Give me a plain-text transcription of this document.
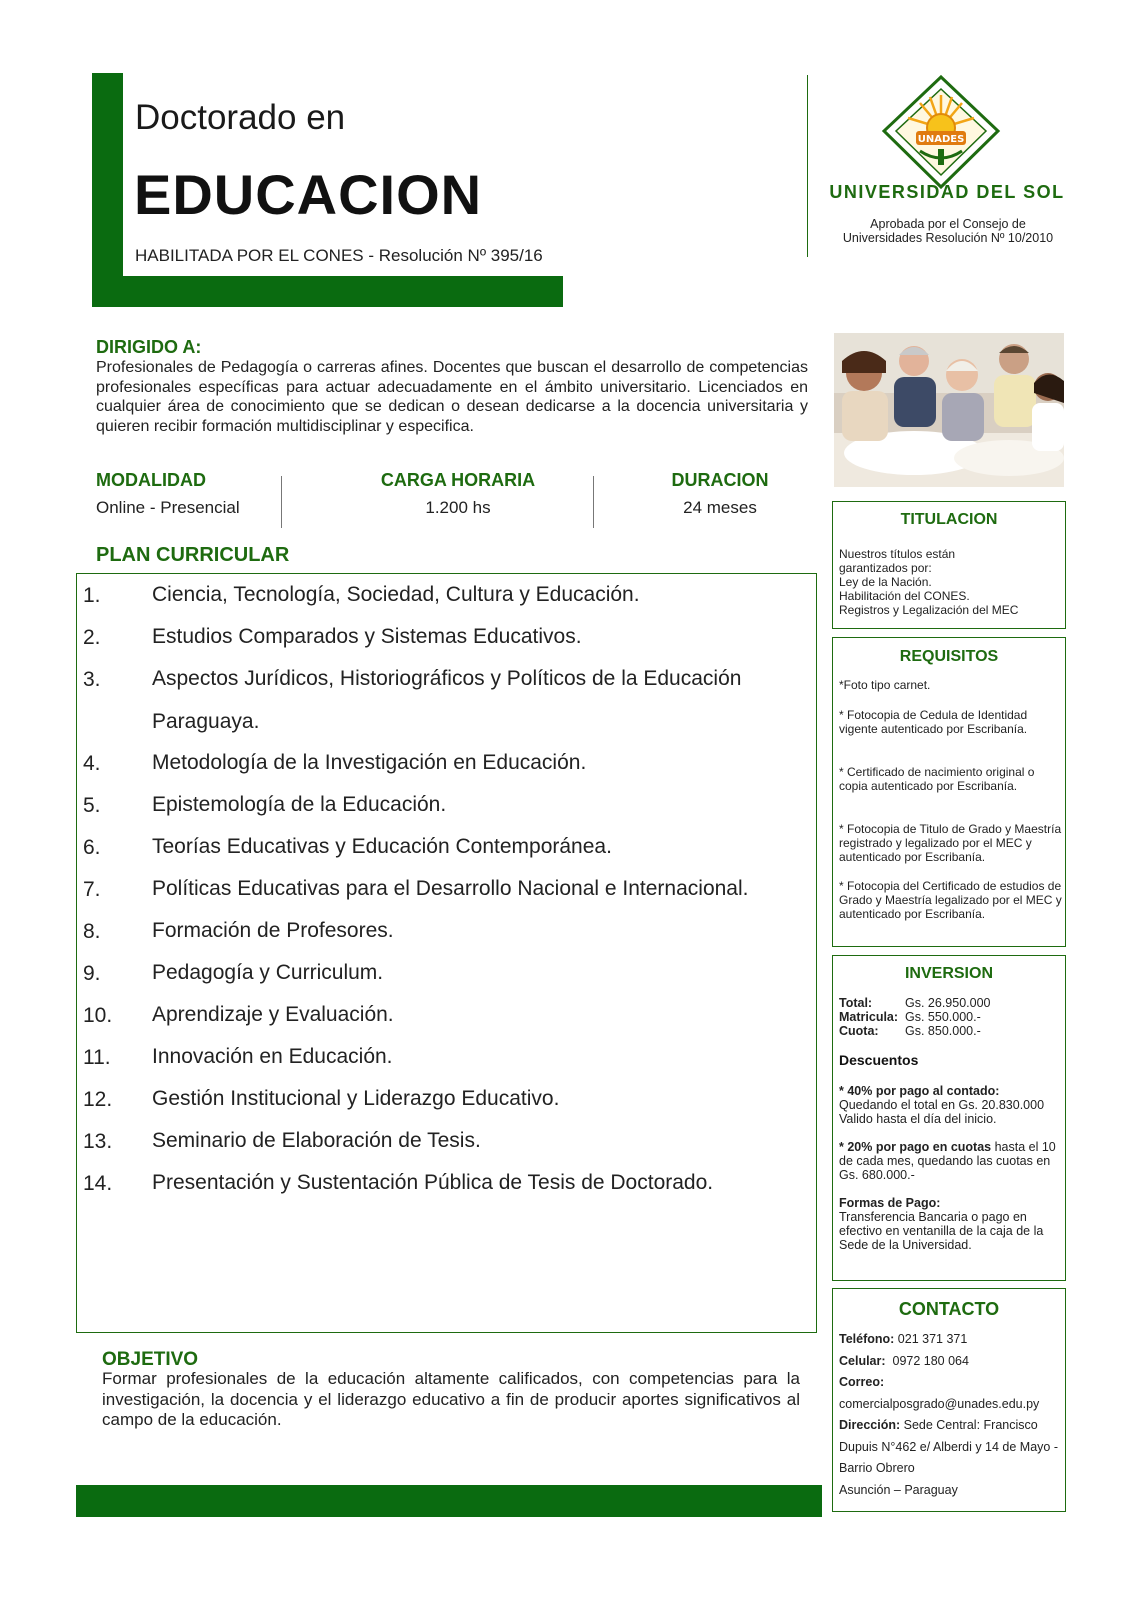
Doctorado en
EDUCACION
HABILITADA POR EL CONES - Resolución Nº 395/16
UNADES
UNIVERSIDAD DEL SOL
Aprobada por el Consejo de
Universidades Resolución Nº 10/2010
DIRIGIDO A:
Profesionales de Pedagogía o carreras afines. Docentes que buscan el desarrollo de competencias profesionales específicas para actuar adecuadamente en el ámbito universitario. Licenciados en cualquier área de conocimiento que se dedican o desean dedicarse a la docencia universitaria y quieren recibir formación multidisciplinar y especifica.
MODALIDAD
Online - Presencial
CARGA HORARIA
1.200 hs
DURACION
24 meses
PLAN CURRICULAR
1.	Ciencia, Tecnología, Sociedad, Cultura y Educación.
2.	Estudios Comparados y Sistemas Educativos.
3.	Aspectos Jurídicos, Historiográficos y Políticos de la Educación Paraguaya.
4.	Metodología de la Investigación en Educación.
5.	Epistemología de la Educación.
6.	Teorías Educativas y Educación Contemporánea.
7.	Políticas Educativas para el Desarrollo Nacional e Internacional.
8.	Formación de Profesores.
9.	Pedagogía y Curriculum.
10.	Aprendizaje y Evaluación.
11.	Innovación en Educación.
12.	Gestión Institucional y Liderazgo Educativo.
13.	Seminario de Elaboración de Tesis.
14.	Presentación y Sustentación Pública de Tesis de Doctorado.
OBJETIVO
Formar profesionales de la educación altamente calificados, con competencias para la investigación, la docencia y el liderazgo educativo a fin de producir aportes significativos al campo de la educación.
TITULACION
Nuestros títulos están
garantizados por:
Ley de la Nación.
Habilitación del CONES.
Registros y Legalización del MEC
REQUISITOS
*Foto tipo carnet.
* Fotocopia de Cedula de Identidad vigente autenticado por Escribanía.
* Certificado de nacimiento original o copia autenticado por Escribanía.
* Fotocopia de Titulo de Grado y Maestría registrado y legalizado por el MEC y autenticado por Escribanía.
* Fotocopia del Certificado de estudios de Grado y Maestría legalizado por el MEC y autenticado por Escribanía.
INVERSION
Total:	Gs. 26.950.000
Matricula: Gs. 550.000.-
Cuota: Gs. 850.000.-
Descuentos
* 40% por pago al contado:
Quedando el total en Gs. 20.830.000 Valido hasta el día del inicio.
* 20% por pago en cuotas hasta el 10 de cada mes, quedando las cuotas en Gs. 680.000.-
Formas de Pago:
Transferencia Bancaria o pago en efectivo en ventanilla de la caja de la Sede de la Universidad.
CONTACTO
Teléfono: 021 371 371
Celular:  0972 180 064
Correo:
comercialposgrado@unades.edu.py
Dirección: Sede Central: Francisco Dupuis N°462 e/ Alberdi y 14 de Mayo - Barrio Obrero
Asunción – Paraguay
